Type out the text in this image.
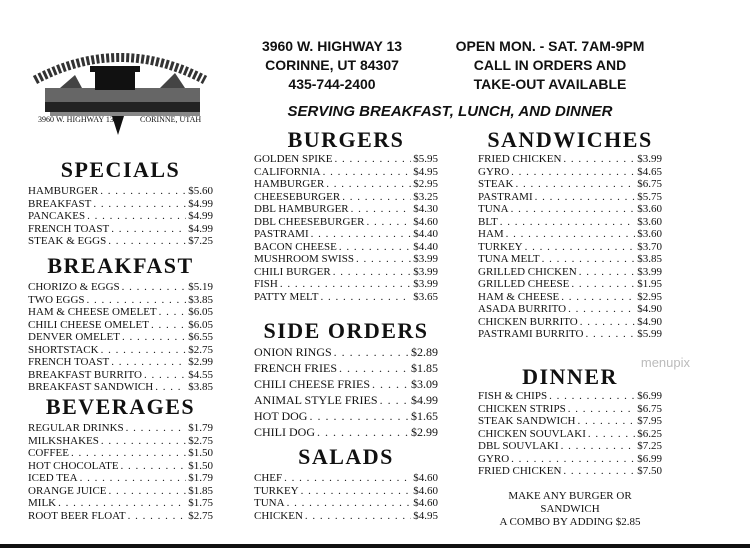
3960 W. HIGHWAY 13	CORINNE, UTAH
3960 W. HIGHWAY 13
CORINNE, UT 84307
435-744-2400
OPEN MON. - SAT. 7AM-9PM
CALL IN ORDERS AND
TAKE-OUT AVAILABLE
SERVING BREAKFAST, LUNCH, AND DINNER
SPECIALS
HAMBURGER . . .	$5.60
BREAKFAST . . .	$4.99
PANCAKES . . .	$4.99
FRENCH TOAST . . .	$4.99
STEAK & EGGS . . .	$7.25
BREAKFAST
CHORIZO & EGGS . . .	$5.19
TWO EGGS . . .	$3.85
HAM & CHEESE OMELET . . .	$6.05
CHILI CHEESE OMELET . . .	$6.05
DENVER OMELET . . .	$6.55
SHORTSTACK . . .	$2.75
FRENCH TOAST . . .	$2.99
BREAKFAST BURRITO . . .	$4.55
BREAKFAST SANDWICH . . .	$3.85
BEVERAGES
REGULAR DRINKS . . .	$1.79
MILKSHAKES . . .	$2.75
COFFEE . . .	$1.50
HOT CHOCOLATE . . .	$1.50
ICED TEA . . .	$1.79
ORANGE JUICE . . .	$1.85
MILK . . .	$1.75
ROOT BEER FLOAT . . .	$2.75
BURGERS
GOLDEN SPIKE . . .	$5.95
CALIFORNIA . . .	$4.95
HAMBURGER . . .	$2.95
CHEESEBURGER . . .	$3.25
DBL HAMBURGER . . .	$4.30
DBL CHEESEBURGER . . .	$4.60
PASTRAMI . . .	$4.40
BACON CHEESE . . .	$4.40
MUSHROOM SWISS . . .	$3.99
CHILI BURGER . . .	$3.99
FISH . . .	$3.99
PATTY MELT . . .	$3.65
SIDE ORDERS
ONION RINGS . . .	$2.89
FRENCH FRIES . . .	$1.85
CHILI CHEESE FRIES . . .	$3.09
ANIMAL STYLE FRIES . . .	$4.99
HOT DOG . . .	$1.65
CHILI DOG . . .	$2.99
SALADS
CHEF . . .	$4.60
TURKEY . . .	$4.60
TUNA . . .	$4.60
CHICKEN . . .	$4.95
SANDWICHES
FRIED CHICKEN . . .	$3.99
GYRO . . .	$4.65
STEAK . . .	$6.75
PASTRAMI . . .	$5.75
TUNA . . .	$3.60
BLT . . .	$3.60
HAM . . .	$3.60
TURKEY . . .	$3.70
TUNA MELT . . .	$3.85
GRILLED CHICKEN . . .	$3.99
GRILLED CHEESE . . .	$1.95
HAM & CHEESE . . .	$2.95
ASADA BURRITO . . .	$4.90
CHICKEN BURRITO . . .	$4.90
PASTRAMI BURRITO . . .	$5.99
DINNER
FISH & CHIPS . . .	$6.99
CHICKEN STRIPS . . .	$6.75
STEAK SANDWICH . . .	$7.95
CHICKEN SOUVLAKI . . .	$6.25
DBL SOUVLAKI . . .	$7.25
GYRO . . .	$6.99
FRIED CHICKEN . . .	$7.50
MAKE ANY BURGER OR SANDWICH
A COMBO BY ADDING $2.85
menupix
